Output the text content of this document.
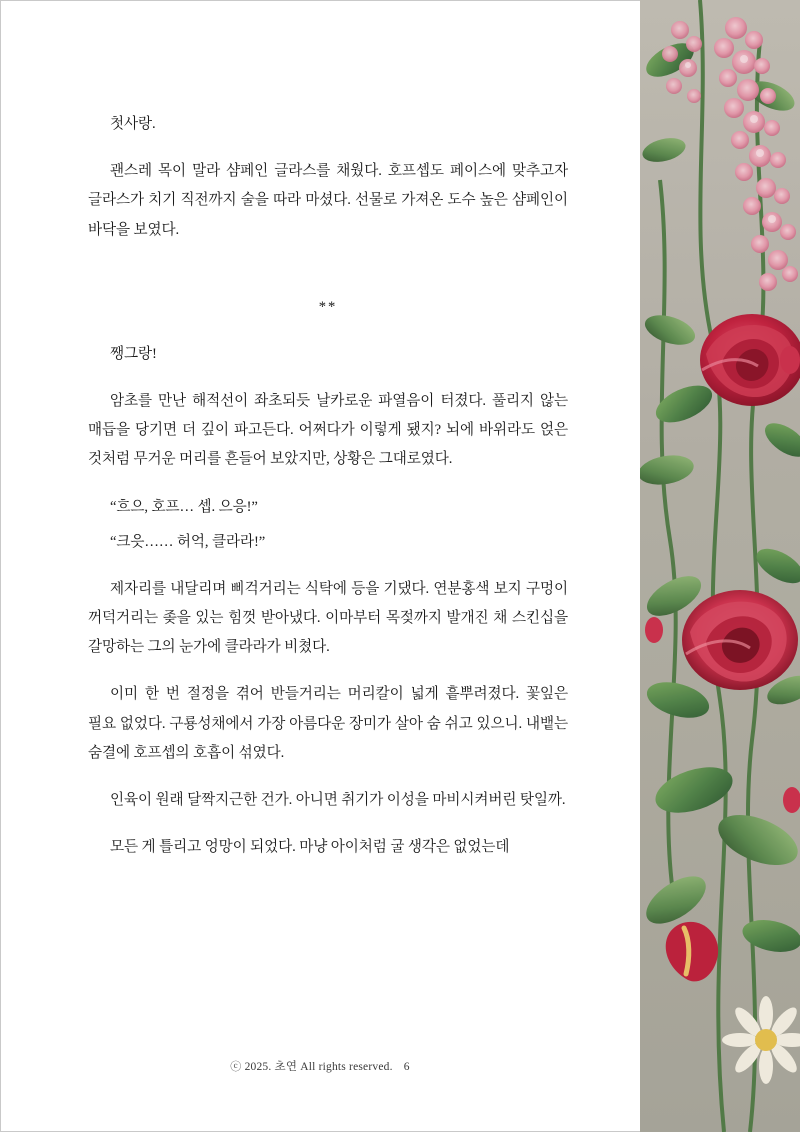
첫사랑.

괜스레 목이 말라 샴페인 글라스를 채웠다. 호프셉도 페이스에 맞추고자 글라스가 치기 직전까지 술을 따라 마셨다. 선물로 가져온 도수 높은 샴페인이 바닥을 보였다.

**

쨍그랑!

암초를 만난 해적선이 좌초되듯 날카로운 파열음이 터졌다. 풀리지 않는 매듭을 당기면 더 깊이 파고든다. 어쩌다가 이렇게 됐지? 뇌에 바위라도 얹은 것처럼 무거운 머리를 흔들어 보았지만, 상황은 그대로였다.

“흐으, 호프… 셉. 으응!”

“크읏…… 허억, 클라라!”

제자리를 내달리며 삐걱거리는 식탁에 등을 기댔다. 연분홍색 보지 구멍이 꺼덕거리는 좆을 있는 힘껏 받아냈다. 이마부터 목젖까지 발개진 채 스킨십을 갈망하는 그의 눈가에 클라라가 비쳤다.

이미 한 번 절정을 겪어 반들거리는 머리칼이 넓게 흩뿌려졌다. 꽃잎은 필요 없었다. 구룡성채에서 가장 아름다운 장미가 살아 숨 쉬고 있으니. 내뱉는 숨결에 호프셉의 호흡이 섞였다.

인육이 원래 달짝지근한 건가. 아니면 취기가 이성을 마비시켜버린 탓일까.

모든 게 틀리고 엉망이 되었다. 마냥 아이처럼 굴 생각은 없었는데

ⓒ 2025. 초연 All rights reserved. 6
